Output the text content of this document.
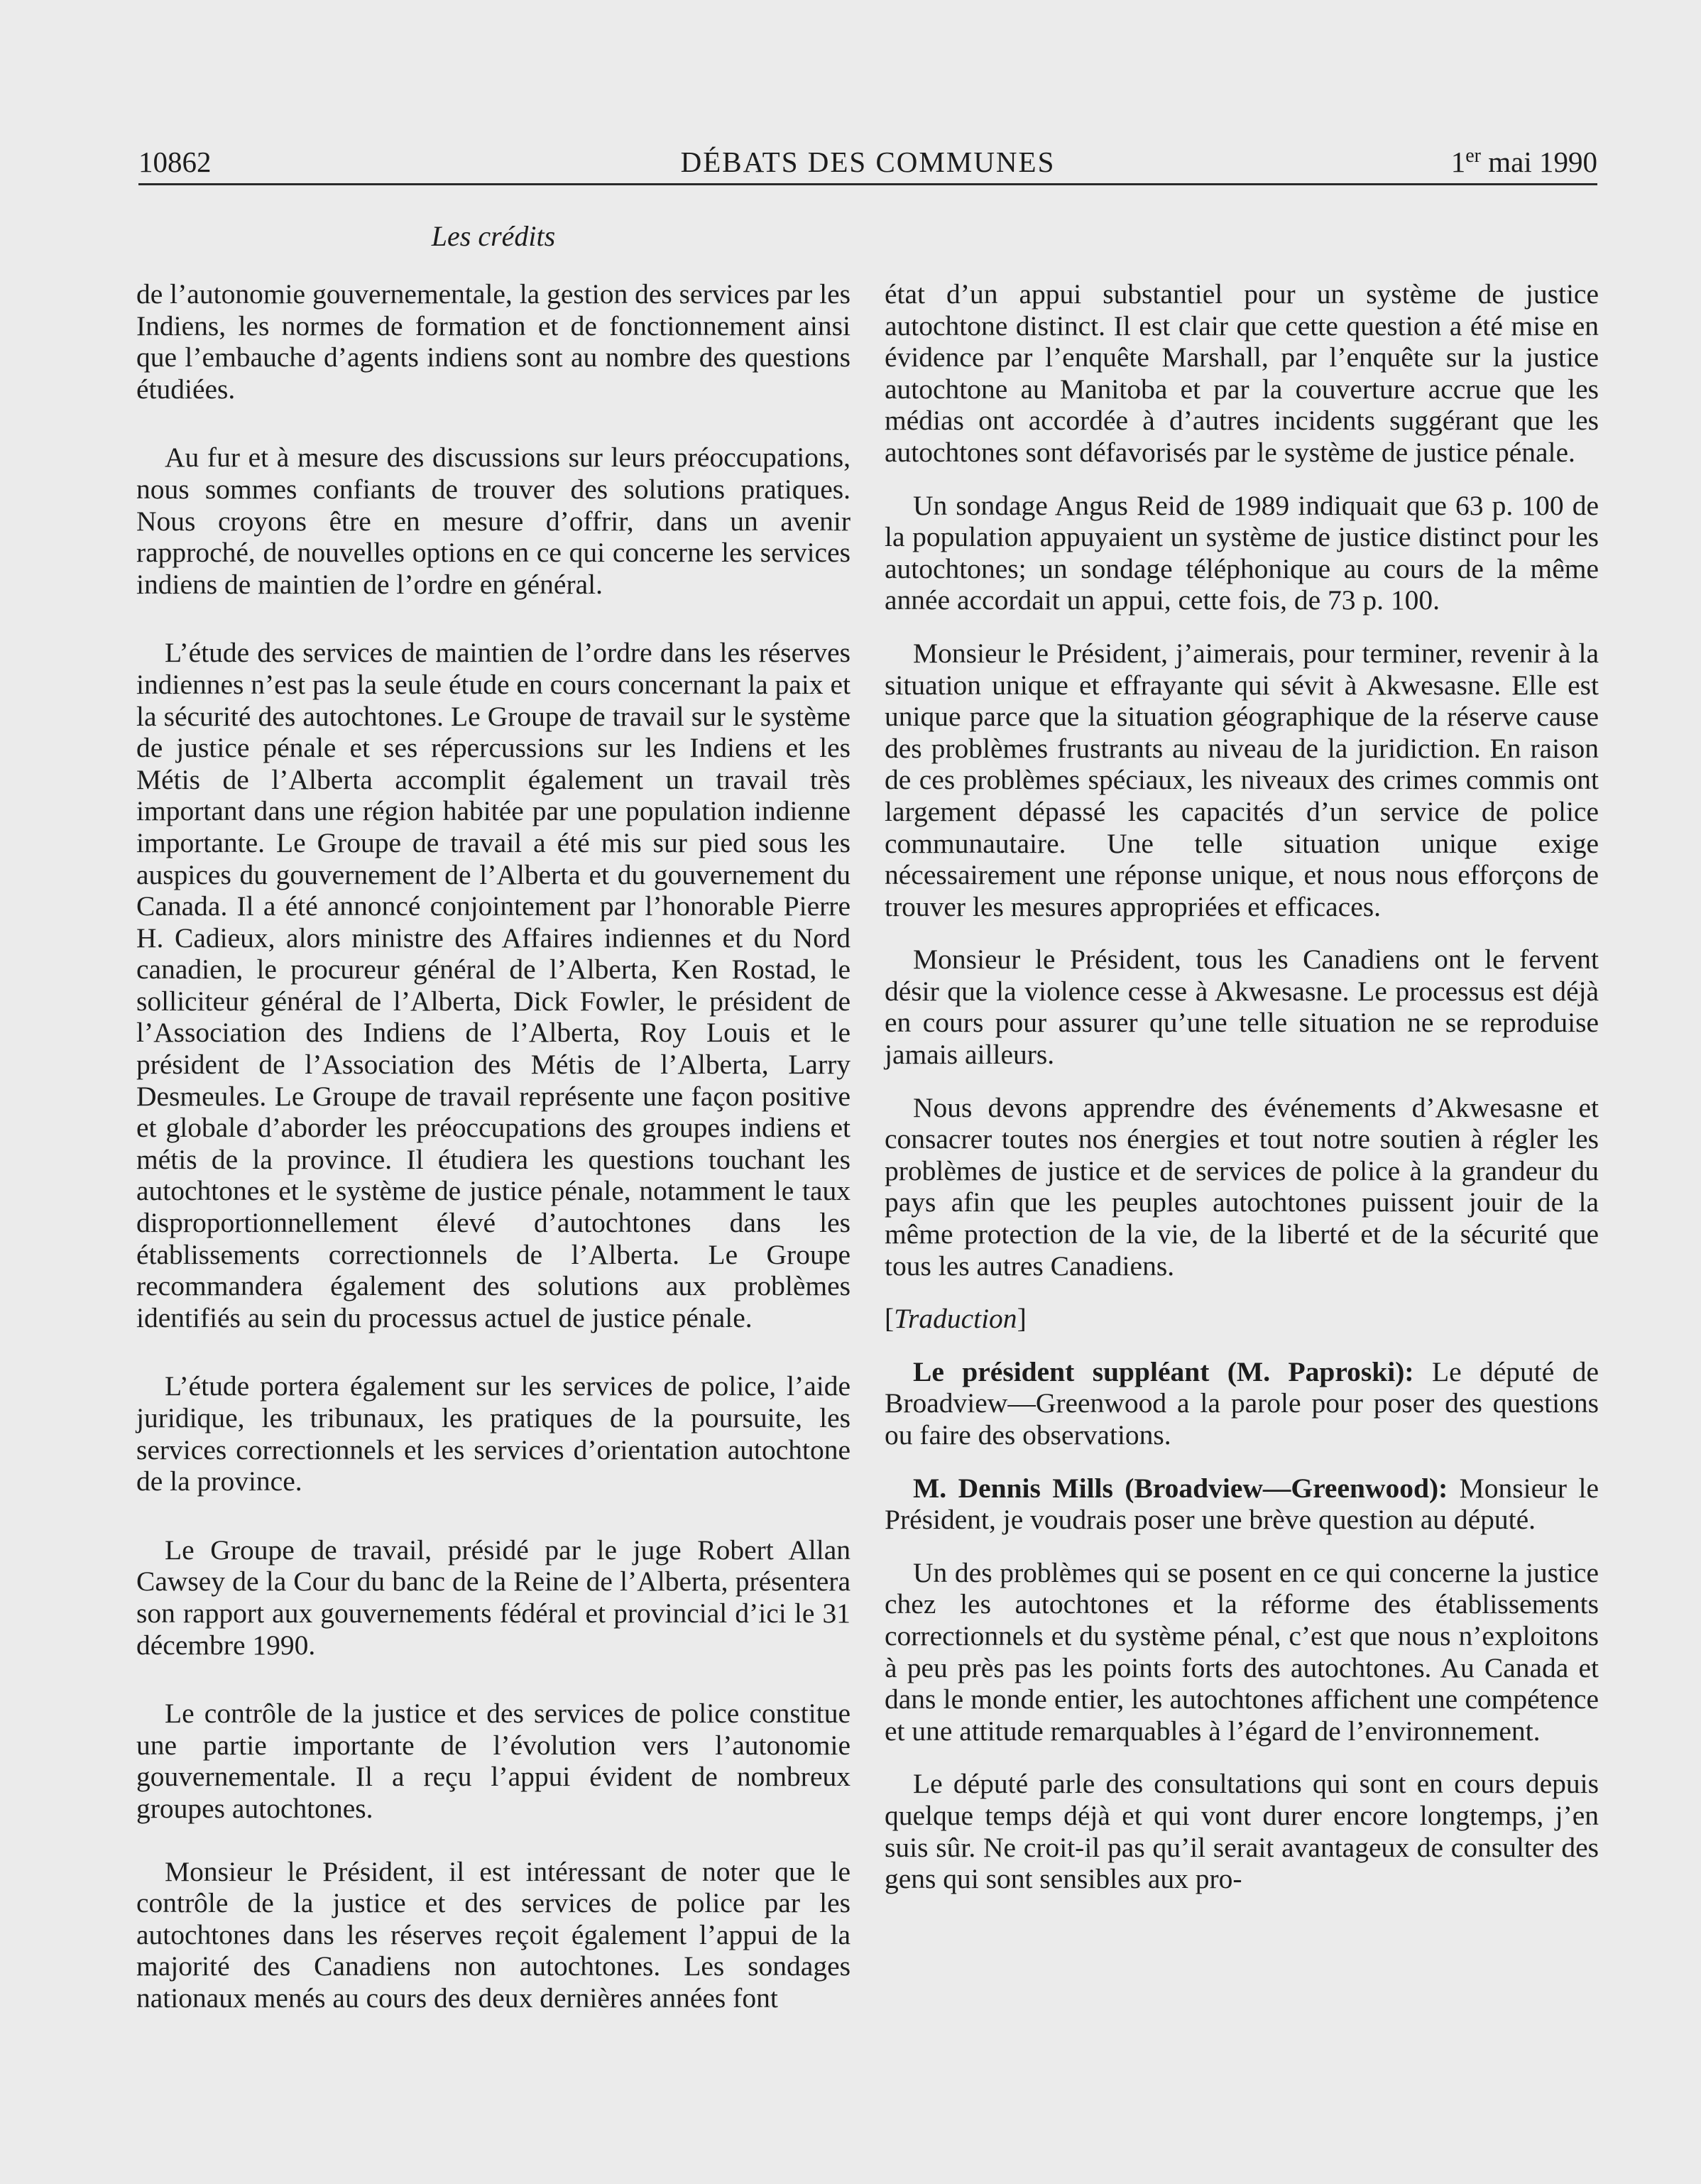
10862	DÉBATS DES COMMUNES	1er mai 1990
Les crédits

de l’autonomie gouvernementale, la gestion des services par les Indiens, les normes de formation et de fonctionnement ainsi que l’embauche d’agents indiens sont au nombre des questions étudiées.

Au fur et à mesure des discussions sur leurs préoccupations, nous sommes confiants de trouver des solutions pratiques. Nous croyons être en mesure d’offrir, dans un avenir rapproché, de nouvelles options en ce qui concerne les services indiens de maintien de l’ordre en général.

L’étude des services de maintien de l’ordre dans les réserves indiennes n’est pas la seule étude en cours concernant la paix et la sécurité des autochtones. Le Groupe de travail sur le système de justice pénale et ses répercussions sur les Indiens et les Métis de l’Alberta accomplit également un travail très important dans une région habitée par une population indienne importante. Le Groupe de travail a été mis sur pied sous les auspices du gouvernement de l’Alberta et du gouvernement du Canada. Il a été annoncé conjointement par l’honorable Pierre H. Cadieux, alors ministre des Affaires indiennes et du Nord canadien, le procureur général de l’Alberta, Ken Rostad, le solliciteur général de l’Alberta, Dick Fowler, le président de l’Association des Indiens de l’Alberta, Roy Louis et le président de l’Association des Métis de l’Alberta, Larry Desmeules. Le Groupe de travail représente une façon positive et globale d’aborder les préoccupations des groupes indiens et métis de la province. Il étudiera les questions touchant les autochtones et le système de justice pénale, notamment le taux disproportionnellement élevé d’autochtones dans les établissements correctionnels de l’Alberta. Le Groupe recommandera également des solutions aux problèmes identifiés au sein du processus actuel de justice pénale.

L’étude portera également sur les services de police, l’aide juridique, les tribunaux, les pratiques de la poursuite, les services correctionnels et les services d’orientation autochtone de la province.

Le Groupe de travail, présidé par le juge Robert Allan Cawsey de la Cour du banc de la Reine de l’Alberta, présentera son rapport aux gouvernements fédéral et provincial d’ici le 31 décembre 1990.

Le contrôle de la justice et des services de police constitue une partie importante de l’évolution vers l’autonomie gouvernementale. Il a reçu l’appui évident de nombreux groupes autochtones.

Monsieur le Président, il est intéressant de noter que le contrôle de la justice et des services de police par les autochtones dans les réserves reçoit également l’appui de la majorité des Canadiens non autochtones. Les sondages nationaux menés au cours des deux dernières années font

état d’un appui substantiel pour un système de justice autochtone distinct. Il est clair que cette question a été mise en évidence par l’enquête Marshall, par l’enquête sur la justice autochtone au Manitoba et par la couverture accrue que les médias ont accordée à d’autres incidents suggérant que les autochtones sont défavorisés par le système de justice pénale.

Un sondage Angus Reid de 1989 indiquait que 63 p. 100 de la population appuyaient un système de justice distinct pour les autochtones; un sondage téléphonique au cours de la même année accordait un appui, cette fois, de 73 p. 100.

Monsieur le Président, j’aimerais, pour terminer, revenir à la situation unique et effrayante qui sévit à Akwesasne. Elle est unique parce que la situation géographique de la réserve cause des problèmes frustrants au niveau de la juridiction. En raison de ces problèmes spéciaux, les niveaux des crimes commis ont largement dépassé les capacités d’un service de police communautaire. Une telle situation unique exige nécessairement une réponse unique, et nous nous efforçons de trouver les mesures appropriées et efficaces.

Monsieur le Président, tous les Canadiens ont le fervent désir que la violence cesse à Akwesasne. Le processus est déjà en cours pour assurer qu’une telle situation ne se reproduise jamais ailleurs.

Nous devons apprendre des événements d’Akwesasne et consacrer toutes nos énergies et tout notre soutien à régler les problèmes de justice et de services de police à la grandeur du pays afin que les peuples autochtones puissent jouir de la même protection de la vie, de la liberté et de la sécurité que tous les autres Canadiens.

[Traduction]

Le président suppléant (M. Paproski): Le député de Broadview—Greenwood a la parole pour poser des questions ou faire des observations.

M. Dennis Mills (Broadview—Greenwood): Monsieur le Président, je voudrais poser une brève question au député.

Un des problèmes qui se posent en ce qui concerne la justice chez les autochtones et la réforme des établissements correctionnels et du système pénal, c’est que nous n’exploitons à peu près pas les points forts des autochtones. Au Canada et dans le monde entier, les autochtones affichent une compétence et une attitude remarquables à l’égard de l’environnement.

Le député parle des consultations qui sont en cours depuis quelque temps déjà et qui vont durer encore longtemps, j’en suis sûr. Ne croit-il pas qu’il serait avantageux de consulter des gens qui sont sensibles aux pro-
